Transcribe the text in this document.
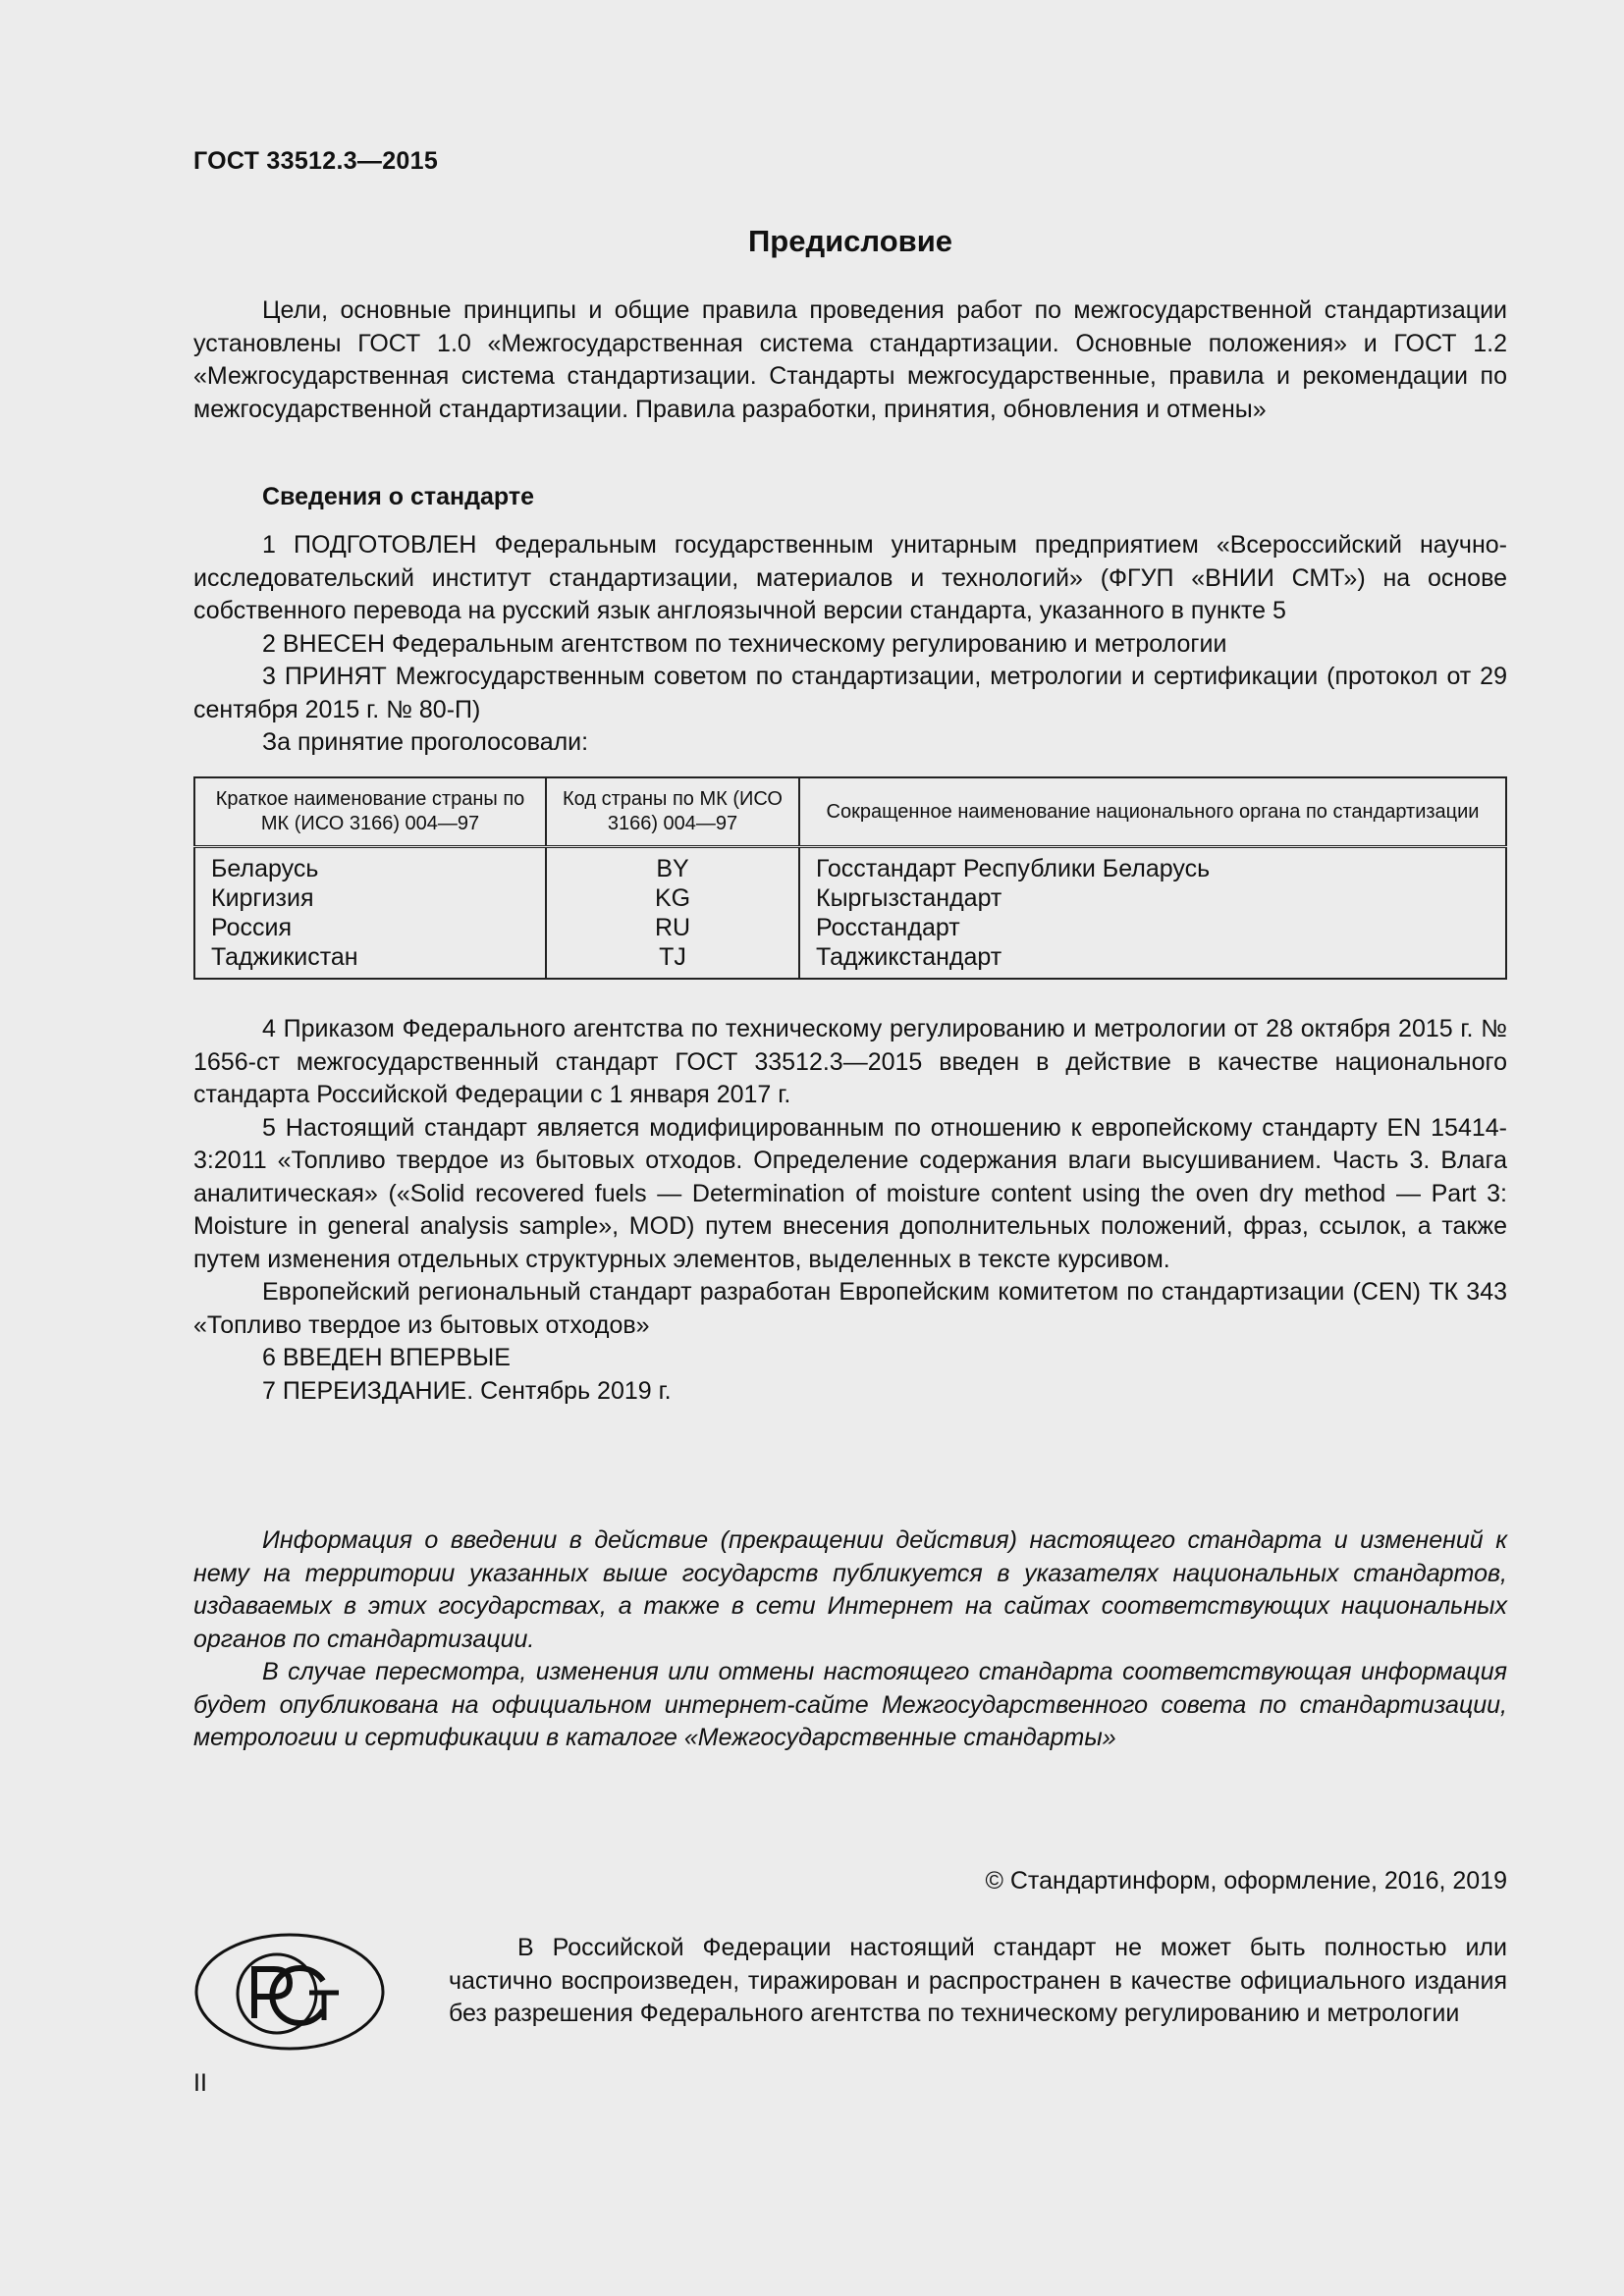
ГОСТ 33512.3—2015
Предисловие

Цели, основные принципы и общие правила проведения работ по межгосударственной стандартизации установлены ГОСТ 1.0 «Межгосударственная система стандартизации. Основные положения» и ГОСТ 1.2 «Межгосударственная система стандартизации. Стандарты межгосударственные, правила и рекомендации по межгосударственной стандартизации. Правила разработки, принятия, обновления и отмены»

Сведения о стандарте

1 ПОДГОТОВЛЕН Федеральным государственным унитарным предприятием «Всероссийский научно-исследовательский институт стандартизации, материалов и технологий» (ФГУП «ВНИИ СМТ») на основе собственного перевода на русский язык англоязычной версии стандарта, указанного в пункте 5

2 ВНЕСЕН Федеральным агентством по техническому регулированию и метрологии

3 ПРИНЯТ Межгосударственным советом по стандартизации, метрологии и сертификации (протокол от 29 сентября 2015 г. № 80-П)

За принятие проголосовали:

Краткое наименование страны по МК (ИСО 3166) 004—97	Код страны по МК (ИСО 3166) 004—97	Сокращенное наименование национального органа по стандартизации
Беларусь	BY	Госстандарт Республики Беларусь
Киргизия	KG	Кыргызстандарт
Россия	RU	Росстандарт
Таджикистан	TJ	Таджикстандарт

4 Приказом Федерального агентства по техническому регулированию и метрологии от 28 октября 2015 г. № 1656-ст межгосударственный стандарт ГОСТ 33512.3—2015 введен в действие в качестве национального стандарта Российской Федерации с 1 января 2017 г.

5 Настоящий стандарт является модифицированным по отношению к европейскому стандарту EN 15414-3:2011 «Топливо твердое из бытовых отходов. Определение содержания влаги высушиванием. Часть 3. Влага аналитическая» («Solid recovered fuels — Determination of moisture content using the oven dry method — Part 3: Moisture in general analysis sample», MOD) путем внесения дополнительных положений, фраз, ссылок, а также путем изменения отдельных структурных элементов, выделенных в тексте курсивом.

Европейский региональный стандарт разработан Европейским комитетом по стандартизации (CEN) ТК 343 «Топливо твердое из бытовых отходов»

6 ВВЕДЕН ВПЕРВЫЕ

7 ПЕРЕИЗДАНИЕ. Сентябрь 2019 г.

Информация о введении в действие (прекращении действия) настоящего стандарта и изменений к нему на территории указанных выше государств публикуется в указателях национальных стандартов, издаваемых в этих государствах, а также в сети Интернет на сайтах соответствующих национальных органов по стандартизации.

В случае пересмотра, изменения или отмены настоящего стандарта соответствующая информация будет опубликована на официальном интернет-сайте Межгосударственного совета по стандартизации, метрологии и сертификации в каталоге «Межгосударственные стандарты»

© Стандартинформ, оформление, 2016, 2019

В Российской Федерации настоящий стандарт не может быть полностью или частично воспроизведен, тиражирован и распространен в качестве официального издания без разрешения Федерального агентства по техническому регулированию и метрологии

II
